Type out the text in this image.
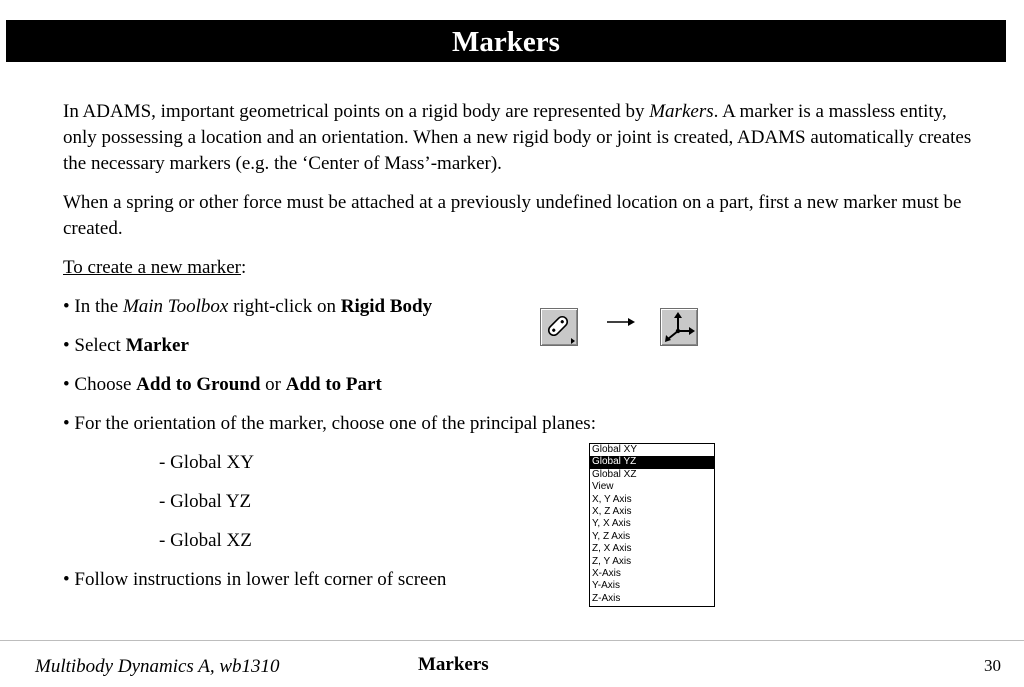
Markers

In ADAMS, important geometrical points on a rigid body are represented by Markers. A marker is a massless entity, only possessing a location and an orientation. When a new rigid body or joint is created, ADAMS automatically creates the necessary markers (e.g. the ‘Center of Mass’-marker).

When a spring or other force must be attached at a previously undefined location on a part, first a new marker must be created.

To create a new marker:

• In the Main Toolbox right-click on Rigid Body

• Select Marker

• Choose Add to Ground or Add to Part

• For the orientation of the marker, choose one of the principal planes:

- Global XY

- Global YZ

- Global XZ

• Follow instructions in lower left corner of screen

Global XY
Global YZ
Global XZ
View
X, Y Axis
X, Z Axis
Y, X Axis
Y, Z Axis
Z, X Axis
Z, Y Axis
X-Axis
Y-Axis
Z-Axis
Multibody Dynamics A, wb1310	Markers	30
